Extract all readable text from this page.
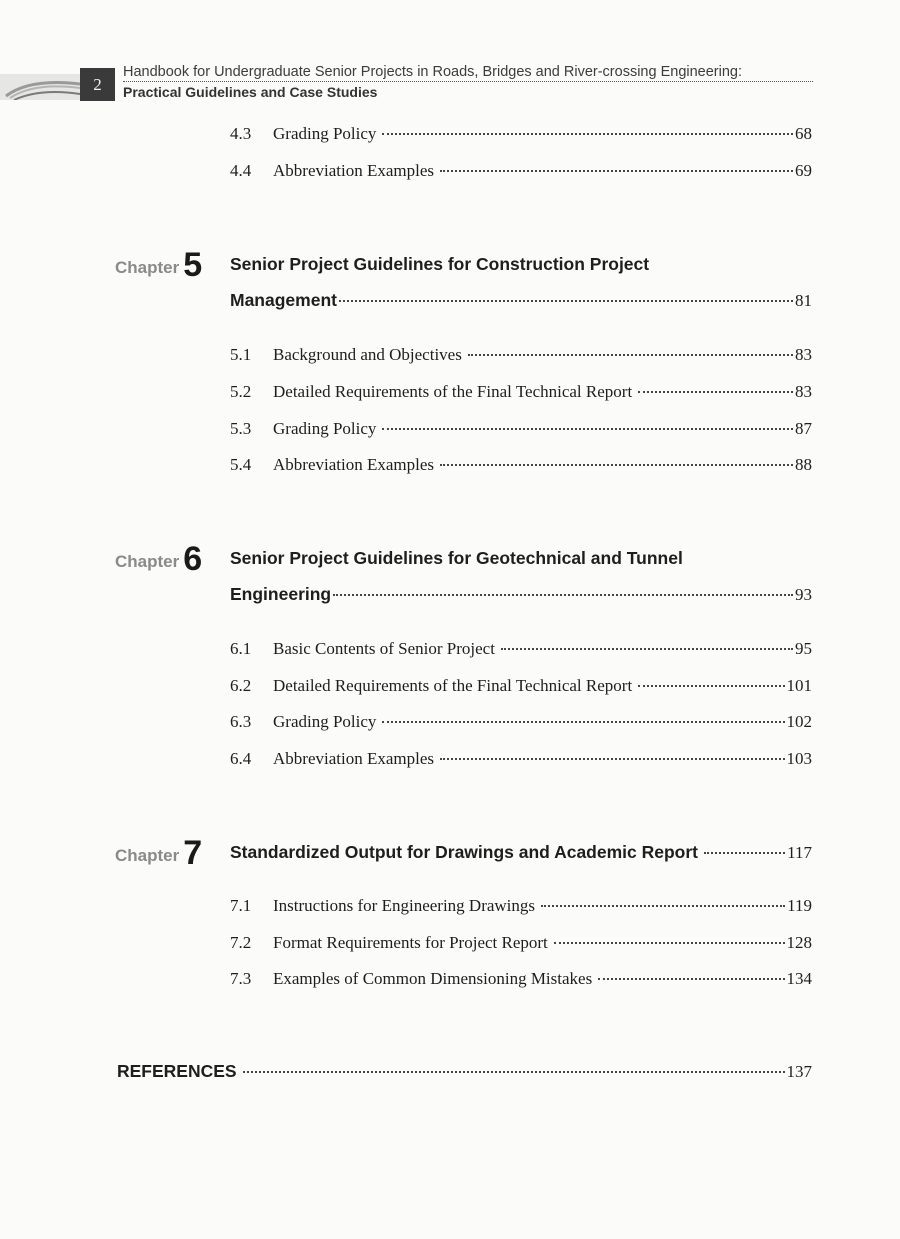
2
Handbook for Undergraduate Senior Projects in Roads, Bridges and River-crossing Engineering:
Practical Guidelines and Case Studies
4.3	Grading Policy	68
4.4	Abbreviation Examples	69
Chapter 5 Senior Project Guidelines for Construction Project
Management	81
5.1	Background and Objectives	83
5.2	Detailed Requirements of the Final Technical Report	83
5.3	Grading Policy	87
5.4	Abbreviation Examples	88
Chapter 6 Senior Project Guidelines for Geotechnical and Tunnel
Engineering	93
6.1	Basic Contents of Senior Project	95
6.2	Detailed Requirements of the Final Technical Report	101
6.3	Grading Policy	102
6.4	Abbreviation Examples	103
Chapter 7 Standardized Output for Drawings and Academic Report	117
7.1	Instructions for Engineering Drawings	119
7.2	Format Requirements for Project Report	128
7.3	Examples of Common Dimensioning Mistakes	134
REFERENCES	137
